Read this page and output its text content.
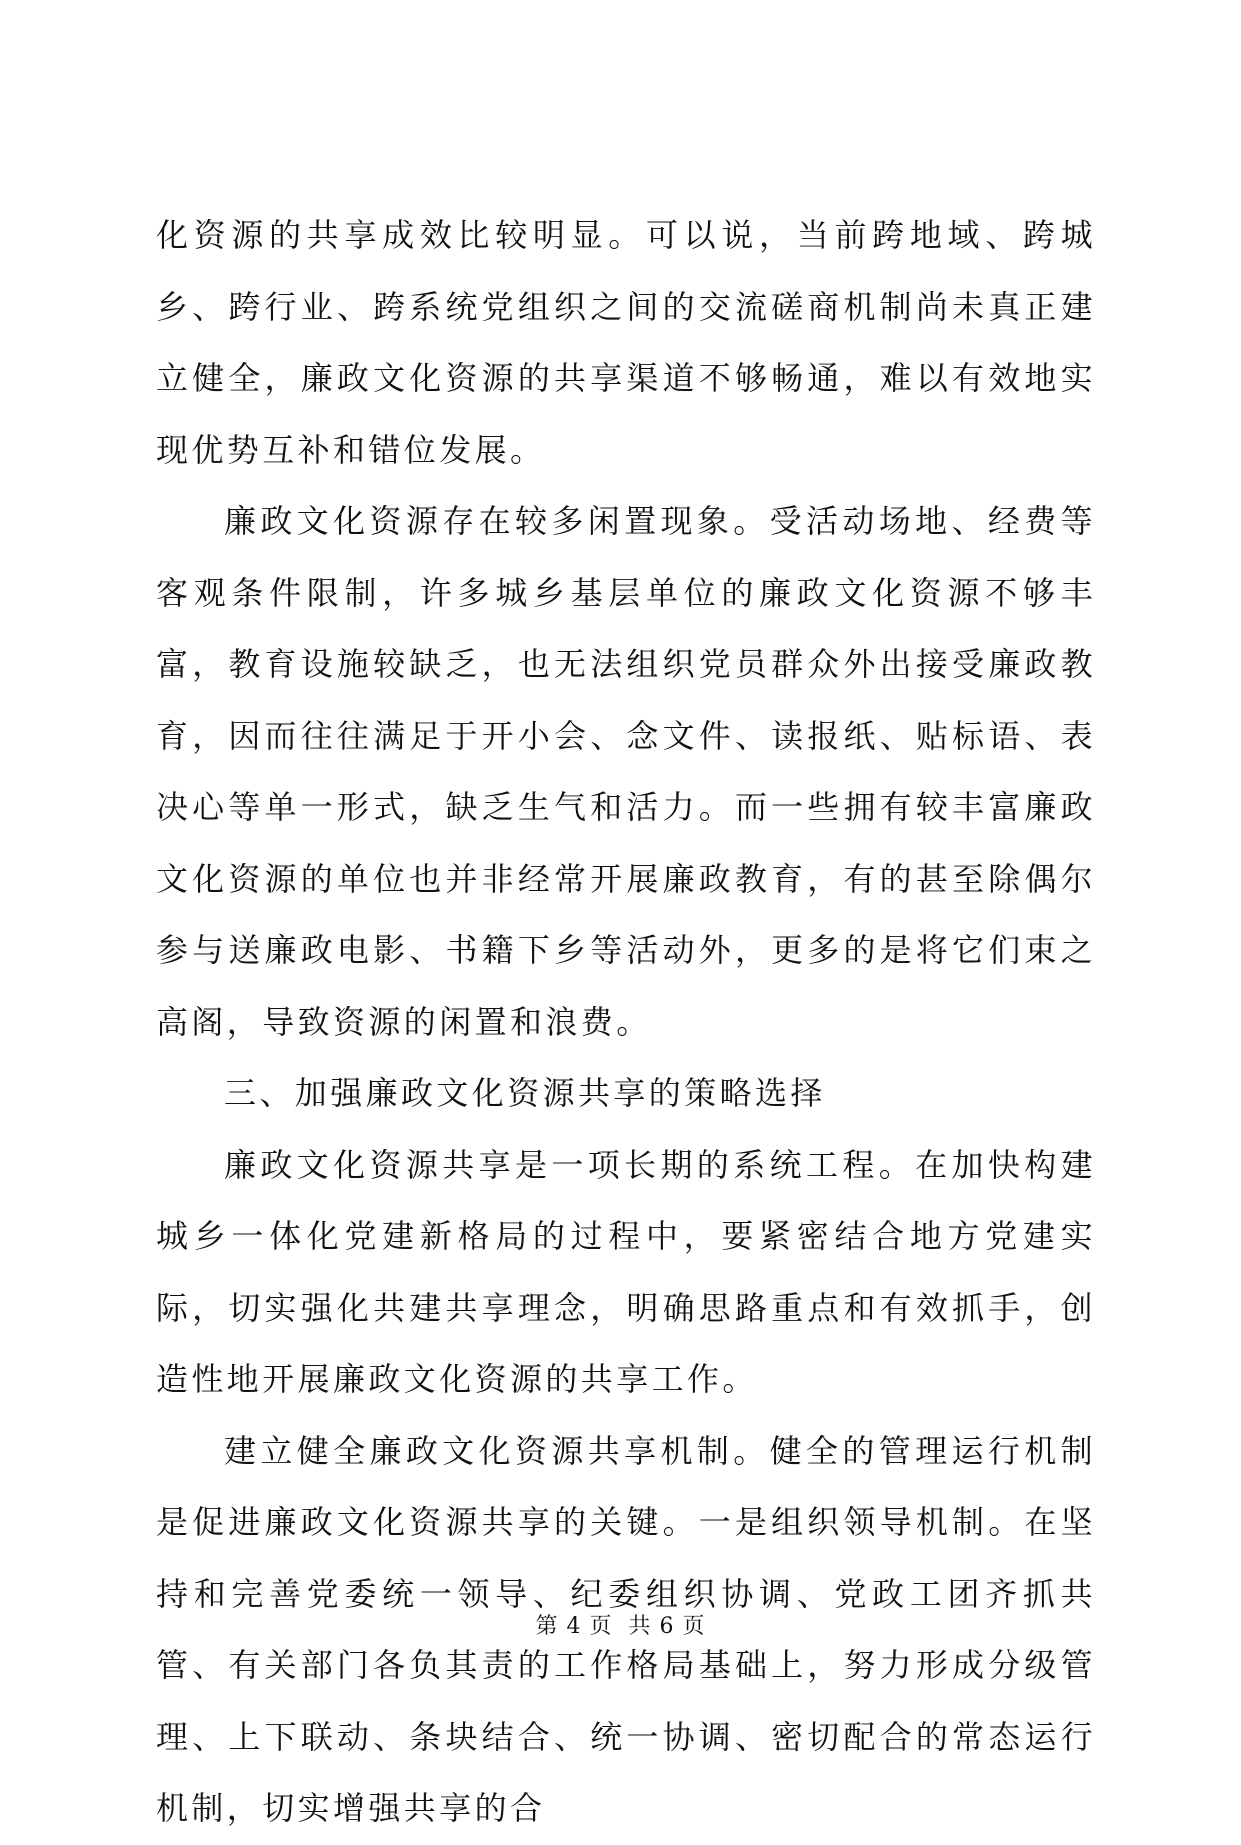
化资源的共享成效比较明显。可以说，当前跨地域、跨城乡、跨行业、跨系统党组织之间的交流磋商机制尚未真正建立健全，廉政文化资源的共享渠道不够畅通，难以有效地实现优势互补和错位发展。

廉政文化资源存在较多闲置现象。受活动场地、经费等客观条件限制，许多城乡基层单位的廉政文化资源不够丰富，教育设施较缺乏，也无法组织党员群众外出接受廉政教育，因而往往满足于开小会、念文件、读报纸、贴标语、表决心等单一形式，缺乏生气和活力。而一些拥有较丰富廉政文化资源的单位也并非经常开展廉政教育，有的甚至除偶尔参与送廉政电影、书籍下乡等活动外，更多的是将它们束之高阁，导致资源的闲置和浪费。

三、加强廉政文化资源共享的策略选择

廉政文化资源共享是一项长期的系统工程。在加快构建城乡一体化党建新格局的过程中，要紧密结合地方党建实际，切实强化共建共享理念，明确思路重点和有效抓手，创造性地开展廉政文化资源的共享工作。

建立健全廉政文化资源共享机制。健全的管理运行机制是促进廉政文化资源共享的关键。一是组织领导机制。在坚持和完善党委统一领导、纪委组织协调、党政工团齐抓共管、有关部门各负其责的工作格局基础上，努力形成分级管理、上下联动、条块结合、统一协调、密切配合的常态运行机制，切实增强共享的合

第 4 页  共 6 页
